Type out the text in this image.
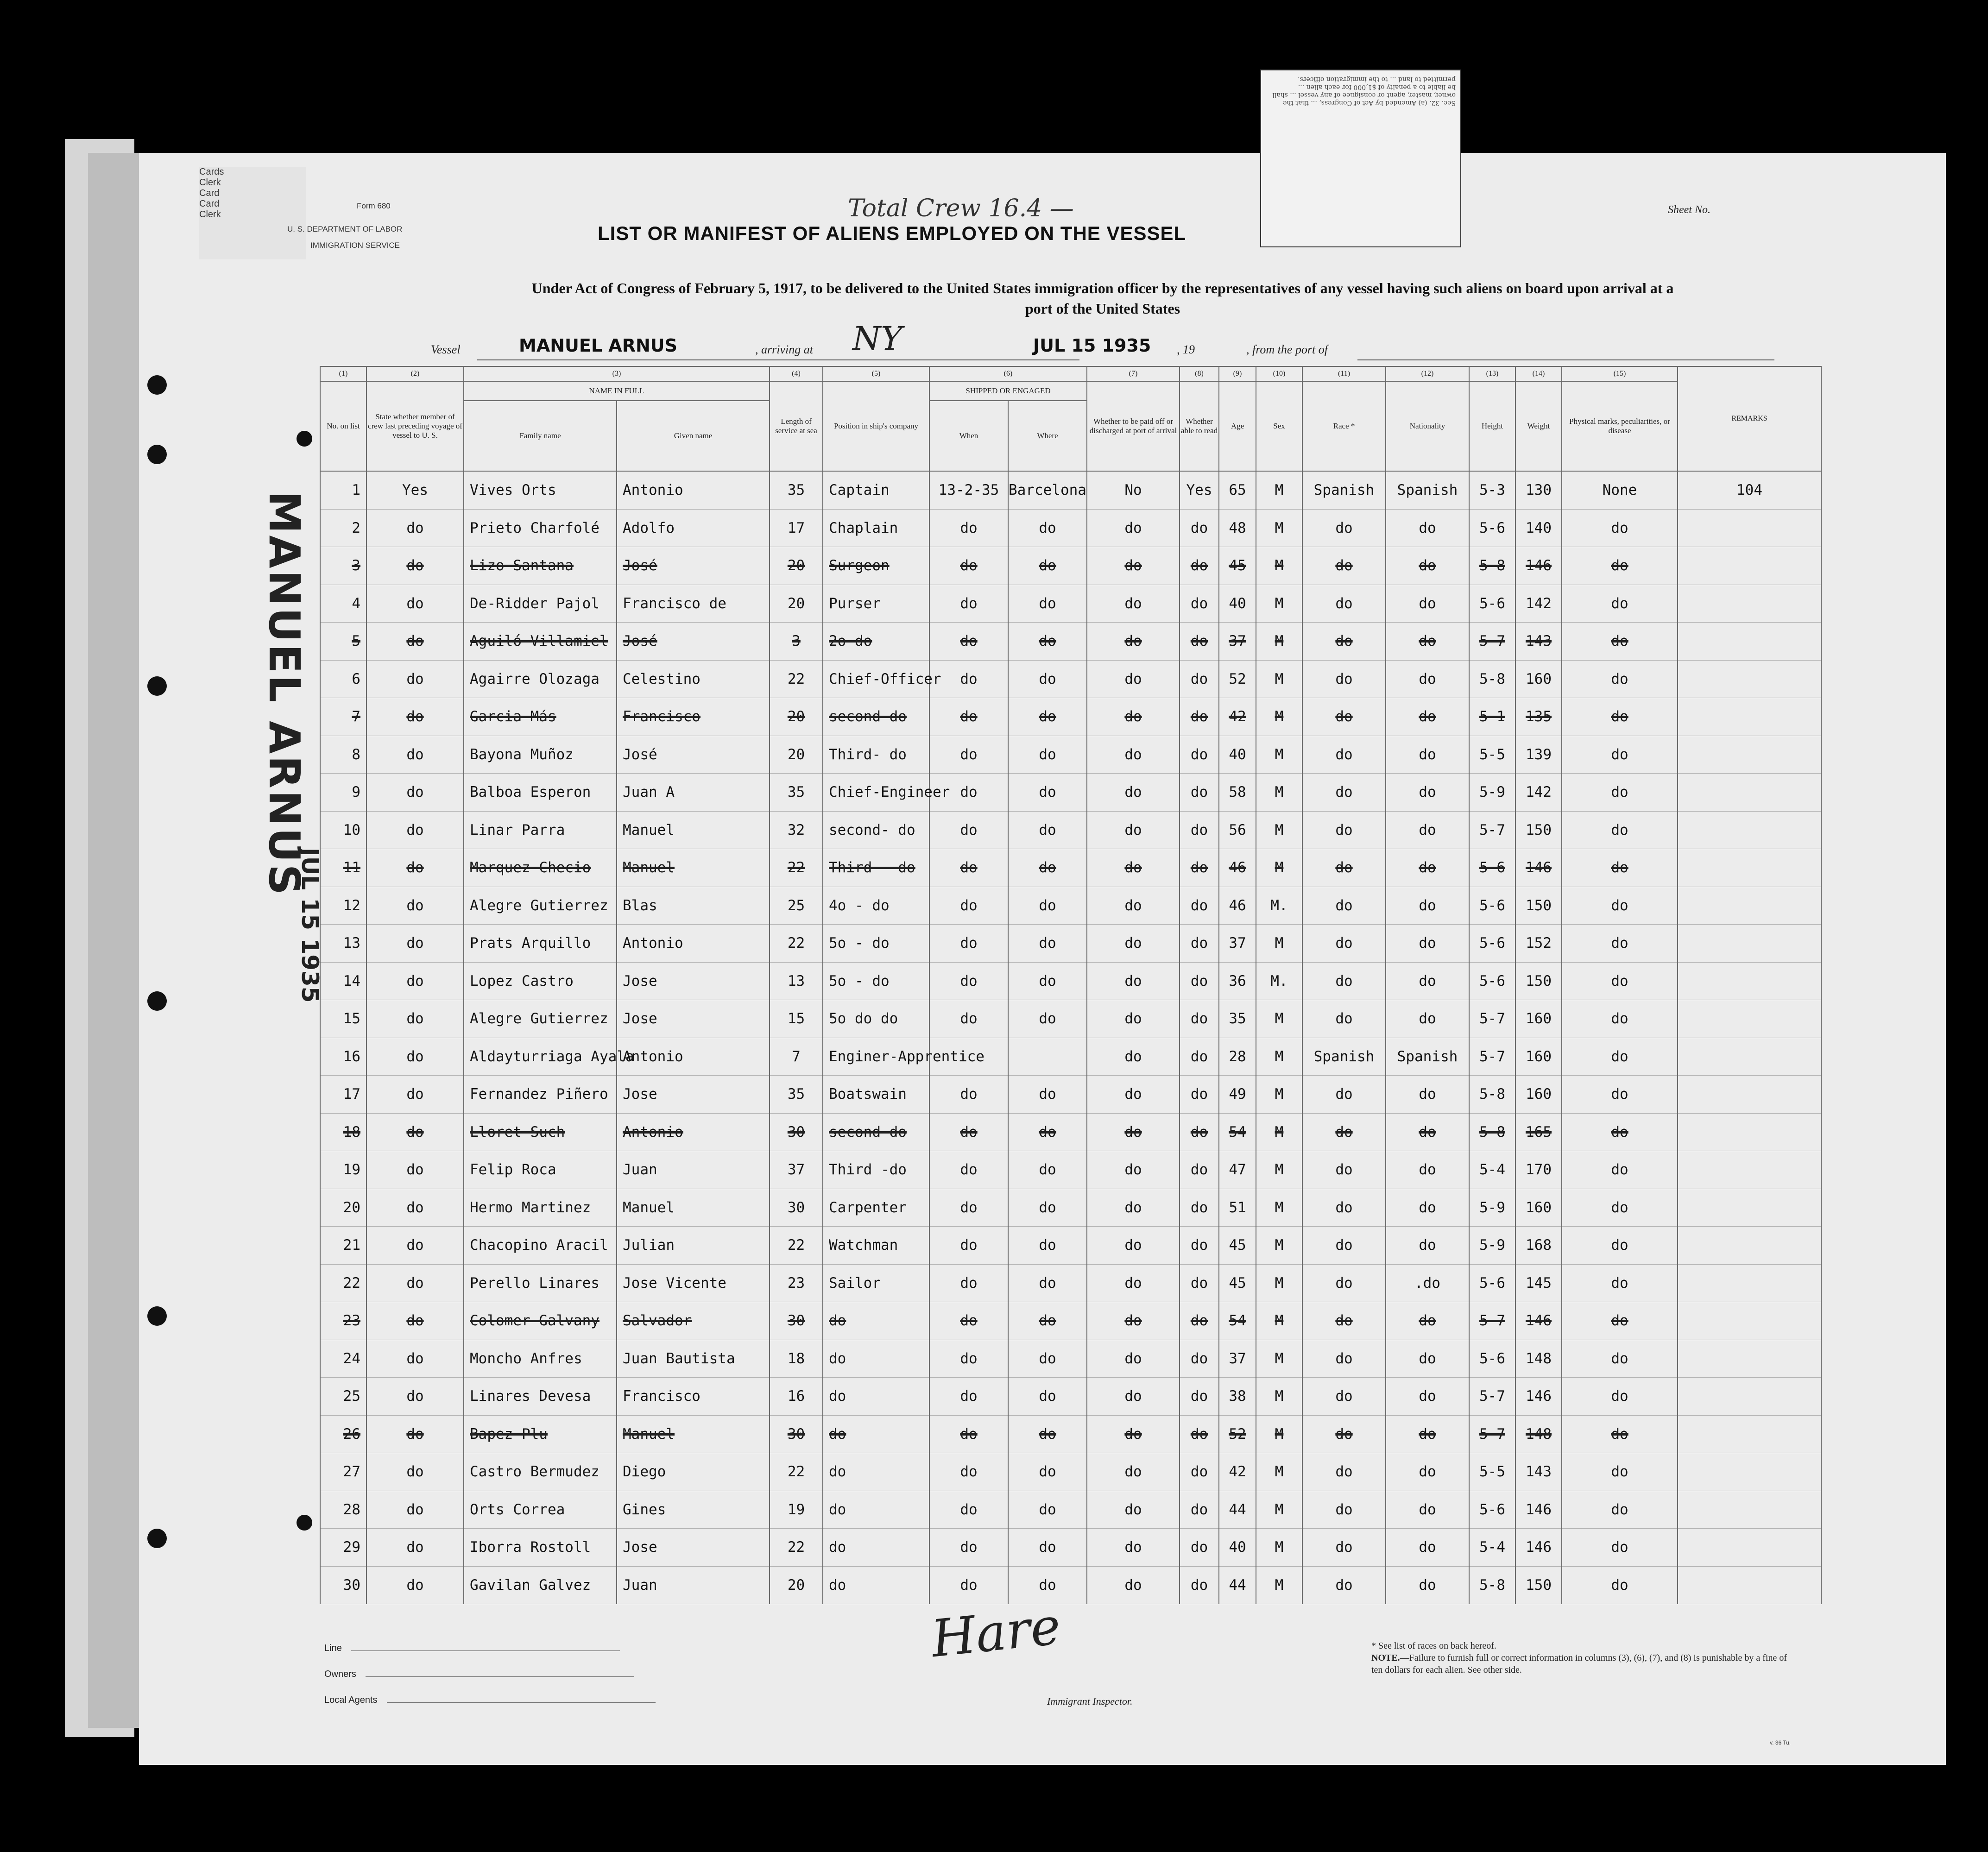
Cards
Clerk
Card
Card
Clerk
Sec. 32. (a) Amended by Act of Congress, ... that the owner, master, agent or consignee of any vessel ... shall be liable to a penalty of $1,000 for each alien ... permitted to land ... to the immigration officers.
Form 680
U. S. DEPARTMENT OF LABOR
IMMIGRATION SERVICE
Total Crew 16.4 —
LIST OR MANIFEST OF ALIENS EMPLOYED ON THE VESSEL
Sheet No.
Under Act of Congress of February 5, 1917, to be delivered to the United States immigration officer by the representatives of any vessel having such aliens on board upon arrival at a
port of the United States
Vessel	MANUEL ARNUS	, arriving at NY	JUL 15 1935 , 19	, from the port of
MANUEL ARNUS
JUL 15 1935
(1)	(2)	(3)		(4)	(5)	(6)		(7)	(8)	(9)	(10)	(11)	(12)	(13)	(14)	(15)	REMARKS
No. on list	State whether member of crew last preceding voyage of vessel to U. S.	NAME IN FULL		Length of service at sea	Position in ship's company	SHIPPED OR ENGAGED		Whether to be paid off or discharged at port of arrival	Whether able to read	Age	Sex	Race *	Nationality	Height	Weight	Physical marks, peculiarities, or disease	
		Family name	Given name			When	Where										
1	Yes	Vives Orts	Antonio	35	Captain	13-2-35	Barcelona	No	Yes	65	M	Spanish	Spanish	5-3	130	None	104
2	do	Prieto Charfolé	Adolfo	17	Chaplain	do	do	do	do	48	M	do	do	5-6	140	do	
3	do	Lizo Santana	José	20	Surgeon	do	do	do	do	45	M	do	do	5-8	146	do	
4	do	De-Ridder Pajol	Francisco de	20	Purser	do	do	do	do	40	M	do	do	5-6	142	do	
5	do	Aguiló Villamiel	José	3	2o do	do	do	do	do	37	M	do	do	5-7	143	do	
6	do	Agairre Olozaga	Celestino	22	Chief-Officer	do	do	do	do	52	M	do	do	5-8	160	do	
7	do	Garcia Más	Francisco	20	second-do	do	do	do	do	42	M	do	do	5-1	135	do	
8	do	Bayona Muñoz	José	20	Third- do	do	do	do	do	40	M	do	do	5-5	139	do	
9	do	Balboa Esperon	Juan A	35	Chief-Engineer	do	do	do	do	58	M	do	do	5-9	142	do	
10	do	Linar Parra	Manuel	32	second- do	do	do	do	do	56	M	do	do	5-7	150	do	
11	do	Marquez Checio	Manuel	22	Third - do	do	do	do	do	46	M	do	do	5-6	146	do	
12	do	Alegre Gutierrez	Blas	25	4o - do	do	do	do	do	46	M.	do	do	5-6	150	do	
13	do	Prats Arquillo	Antonio	22	5o - do	do	do	do	do	37	M	do	do	5-6	152	do	
14	do	Lopez Castro	Jose	13	5o - do	do	do	do	do	36	M.	do	do	5-6	150	do	
15	do	Alegre Gutierrez	Jose	15	5o do do	do	do	do	do	35	M	do	do	5-7	160	do	
16	do	Aldayturriaga Ayala	Antonio	7	Enginer-Apprentice			do	do	28	M	Spanish	Spanish	5-7	160	do	
17	do	Fernandez Piñero	Jose	35	Boatswain	do	do	do	do	49	M	do	do	5-8	160	do	
18	do	Lloret Such	Antonio	30	second-do	do	do	do	do	54	M	do	do	5-8	165	do	
19	do	Felip Roca	Juan	37	Third -do	do	do	do	do	47	M	do	do	5-4	170	do	
20	do	Hermo Martinez	Manuel	30	Carpenter	do	do	do	do	51	M	do	do	5-9	160	do	
21	do	Chacopino Aracil	Julian	22	Watchman	do	do	do	do	45	M	do	do	5-9	168	do	
22	do	Perello Linares	Jose Vicente	23	Sailor	do	do	do	do	45	M	do	.do	5-6	145	do	
23	do	Colomer Galvany	Salvador	30	do	do	do	do	do	54	M	do	do	5-7	146	do	
24	do	Moncho Anfres	Juan Bautista	18	do	do	do	do	do	37	M	do	do	5-6	148	do	
25	do	Linares Devesa	Francisco	16	do	do	do	do	do	38	M	do	do	5-7	146	do	
26	do	Bapez Plu	Manuel	30	do	do	do	do	do	52	M	do	do	5-7	148	do	
27	do	Castro Bermudez	Diego	22	do	do	do	do	do	42	M	do	do	5-5	143	do	
28	do	Orts Correa	Gines	19	do	do	do	do	do	44	M	do	do	5-6	146	do	
29	do	Iborra Rostoll	Jose	22	do	do	do	do	do	40	M	do	do	5-4	146	do	
30	do	Gavilan Galvez	Juan	20	do	do	do	do	do	44	M	do	do	5-8	150	do	
Line
Owners
Local Agents
Hare
Immigrant Inspector.
* See list of races on back hereof.
NOTE.—Failure to furnish full or correct information in columns (3), (6), (7), and (8) is punishable by a fine of ten dollars for each alien. See other side.
v. 36 Tu.
